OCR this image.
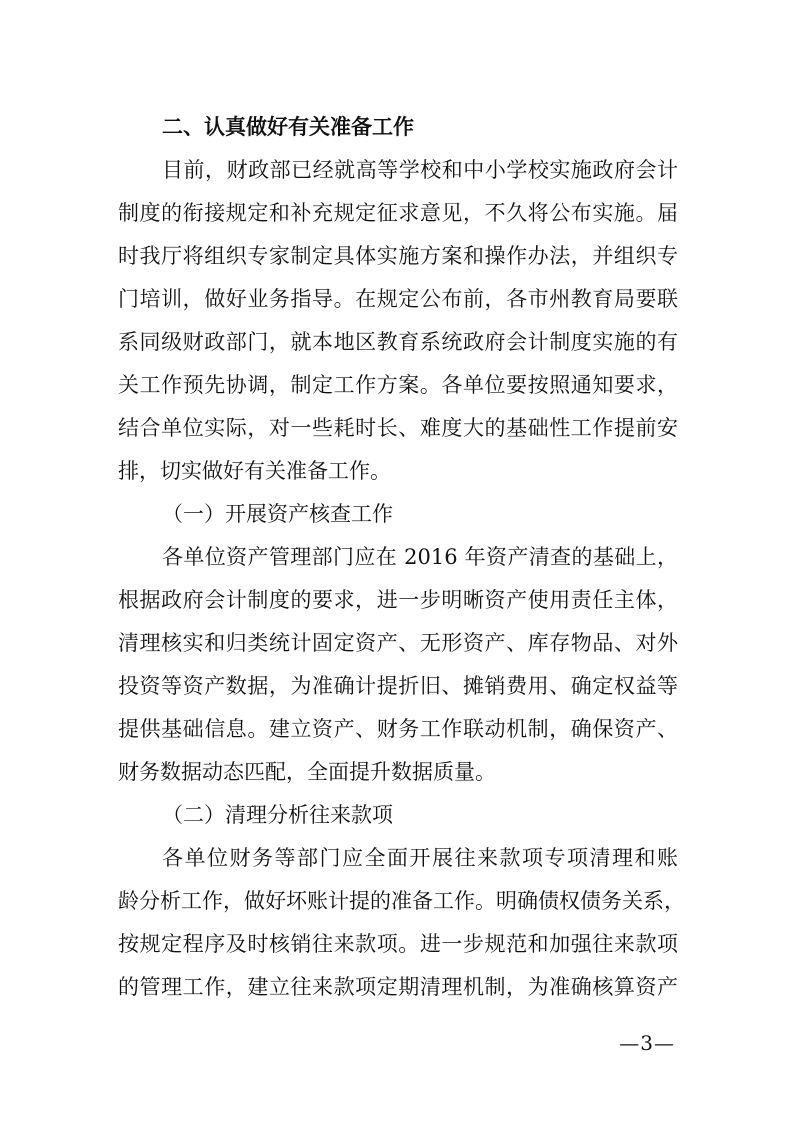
二、认真做好有关准备工作
目前，财政部已经就高等学校和中小学校实施政府会计
制度的衔接规定和补充规定征求意见，不久将公布实施。届
时我厅将组织专家制定具体实施方案和操作办法，并组织专
门培训，做好业务指导。在规定公布前，各市州教育局要联
系同级财政部门，就本地区教育系统政府会计制度实施的有
关工作预先协调，制定工作方案。各单位要按照通知要求，
结合单位实际，对一些耗时长、难度大的基础性工作提前安
排，切实做好有关准备工作。
（一）开展资产核查工作
各单位资产管理部门应在 2016 年资产清查的基础上，
根据政府会计制度的要求，进一步明晰资产使用责任主体，
清理核实和归类统计固定资产、无形资产、库存物品、对外
投资等资产数据，为准确计提折旧、摊销费用、确定权益等
提供基础信息。建立资产、财务工作联动机制，确保资产、
财务数据动态匹配，全面提升数据质量。
（二）清理分析往来款项
各单位财务等部门应全面开展往来款项专项清理和账
龄分析工作，做好坏账计提的准备工作。明确债权债务关系，
按规定程序及时核销往来款项。进一步规范和加强往来款项
的管理工作，建立往来款项定期清理机制，为准确核算资产
—3—
